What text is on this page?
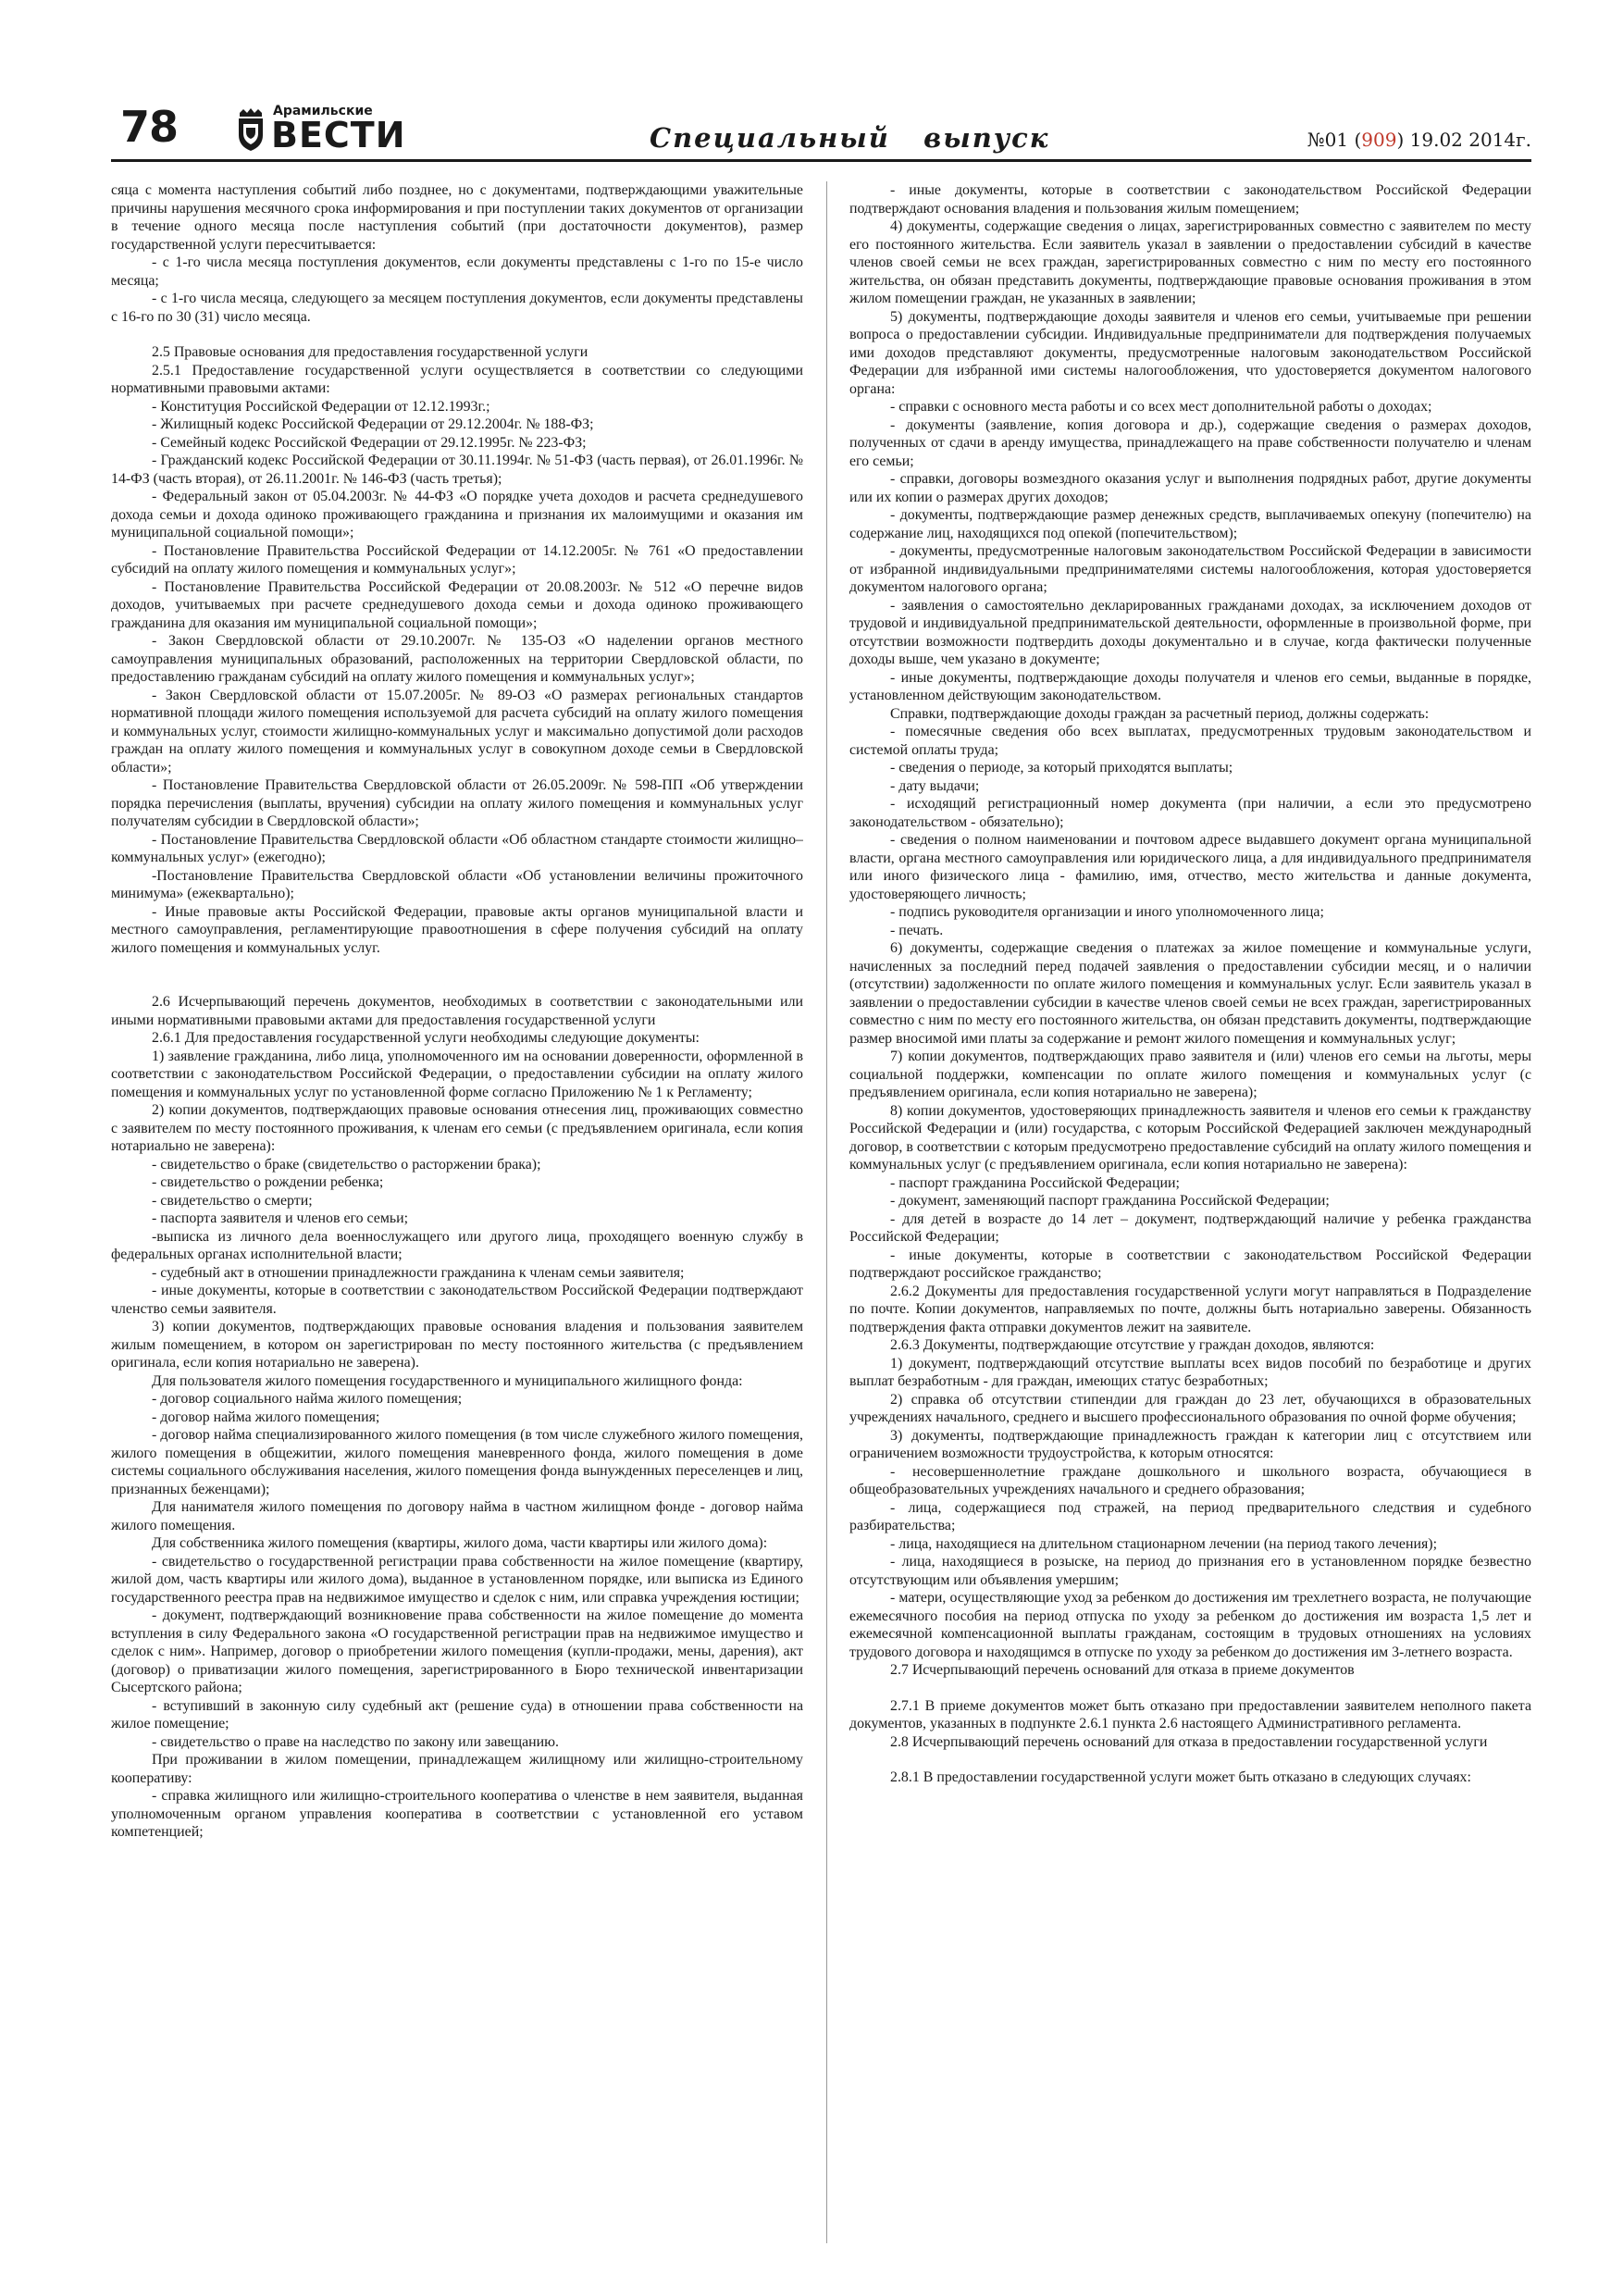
78	Арамильские
ВЕСТИ	Специальный   выпуск	№01 (909) 19.02 2014г.

сяца с момента наступления событий либо позднее, но с документами, подтверждающими уважительные причины нарушения месячного срока информирования и при поступлении таких документов от организации в течение одного месяца после наступления событий (при достаточности документов), размер государственной услуги пересчитывается:

- с 1-го числа месяца поступления документов, если документы представлены с 1-го по 15-е число месяца;

- с 1-го числа месяца, следующего за месяцем поступления документов, если документы представлены с 16-го по 30 (31) число месяца.

2.5 Правовые основания для предоставления государственной услуги

2.5.1 Предоставление государственной услуги осуществляется в соответствии со следующими нормативными правовыми актами:

- Конституция Российской Федерации от 12.12.1993г.;

- Жилищный кодекс Российской Федерации от 29.12.2004г. № 188-ФЗ;

- Семейный кодекс Российской Федерации от 29.12.1995г. № 223-ФЗ;

- Гражданский кодекс Российской Федерации от 30.11.1994г. № 51-ФЗ (часть первая), от 26.01.1996г. № 14-ФЗ (часть вторая), от 26.11.2001г. № 146-ФЗ (часть третья);

- Федеральный закон от 05.04.2003г. № 44-ФЗ «О порядке учета доходов и расчета среднедушевого дохода семьи и дохода одиноко проживающего гражданина и признания их малоимущими и оказания им муниципальной социальной помощи»;

- Постановление Правительства Российской Федерации от 14.12.2005г. № 761 «О предоставлении субсидий на оплату жилого помещения и коммунальных услуг»;

- Постановление Правительства Российской Федерации от 20.08.2003г. № 512 «О перечне видов доходов, учитываемых при расчете среднедушевого дохода семьи и дохода одиноко проживающего гражданина для оказания им муниципальной социальной помощи»;

- Закон Свердловской области от 29.10.2007г. № 135-ОЗ «О наделении органов местного самоуправления муниципальных образований, расположенных на территории Свердловской области, по предоставлению гражданам субсидий на оплату жилого помещения и коммунальных услуг»;

- Закон Свердловской области от 15.07.2005г. № 89-ОЗ «О размерах региональных стандартов нормативной площади жилого помещения используемой для расчета субсидий на оплату жилого помещения и коммунальных услуг, стоимости жилищно-коммунальных услуг и максимально допустимой доли расходов граждан на оплату жилого помещения и коммунальных услуг в совокупном доходе семьи в Свердловской области»;

- Постановление Правительства Свердловской области от 26.05.2009г. № 598-ПП «Об утверждении порядка перечисления (выплаты, вручения) субсидии на оплату жилого помещения и коммунальных услуг получателям субсидии в Свердловской области»;

- Постановление Правительства Свердловской области «Об областном стандарте стоимости жилищно–коммунальных услуг» (ежегодно);

-Постановление Правительства Свердловской области «Об установлении величины прожиточного минимума» (ежеквартально);

- Иные правовые акты Российской Федерации, правовые акты органов муниципальной власти и местного самоуправления, регламентирующие правоотношения в сфере получения субсидий на оплату жилого помещения и коммунальных услуг.

2.6 Исчерпывающий перечень документов, необходимых в соответствии с законодательными или иными нормативными правовыми актами для предоставления государственной услуги

2.6.1 Для предоставления государственной услуги необходимы следующие документы:

1) заявление гражданина, либо лица, уполномоченного им на основании доверенности, оформленной в соответствии с законодательством Российской Федерации, о предоставлении субсидии на оплату жилого помещения и коммунальных услуг по установленной форме согласно Приложению № 1 к Регламенту;

2) копии документов, подтверждающих правовые основания отнесения лиц, проживающих совместно с заявителем по месту постоянного проживания, к членам его семьи (с предъявлением оригинала, если копия нотариально не заверена):

- свидетельство о браке (свидетельство о расторжении брака);

- свидетельство о рождении ребенка;

- свидетельство о смерти;

- паспорта заявителя и членов его семьи;

-выписка из личного дела военнослужащего или другого лица, проходящего военную службу в федеральных органах исполнительной власти;

- судебный акт в отношении принадлежности гражданина к членам семьи заявителя;

- иные документы, которые в соответствии с законодательством Российской Федерации подтверждают членство семьи заявителя.

3) копии документов, подтверждающих правовые основания владения и пользования заявителем жилым помещением, в котором он зарегистрирован по месту постоянного жительства (с предъявлением оригинала, если копия нотариально не заверена).

Для пользователя жилого помещения государственного и муниципального жилищного фонда:

- договор социального найма жилого помещения;

- договор найма жилого помещения;

- договор найма специализированного жилого помещения (в том числе служебного жилого помещения, жилого помещения в общежитии, жилого помещения маневренного фонда, жилого помещения в доме системы социального обслуживания населения, жилого помещения фонда вынужденных переселенцев и лиц, признанных беженцами);

Для нанимателя жилого помещения по договору найма в частном жилищном фонде - договор найма жилого помещения.

Для собственника жилого помещения (квартиры, жилого дома, части квартиры или жилого дома):

- свидетельство о государственной регистрации права собственности на жилое помещение (квартиру, жилой дом, часть квартиры или жилого дома), выданное в установленном порядке, или выписка из Единого государственного реестра прав на недвижимое имущество и сделок с ним, или справка учреждения юстиции;

- документ, подтверждающий возникновение права собственности на жилое помещение до момента вступления в силу Федерального закона «О государственной регистрации прав на недвижимое имущество и сделок с ним». Например, договор о приобретении жилого помещения (купли-продажи, мены, дарения), акт (договор) о приватизации жилого помещения, зарегистрированного в Бюро технической инвентаризации Сысертского района;

- вступивший в законную силу судебный акт (решение суда) в отношении права собственности на жилое помещение;

- свидетельство о праве на наследство по закону или завещанию.

При проживании в жилом помещении, принадлежащем жилищному или жилищно-строительному кооперативу:

- справка жилищного или жилищно-строительного кооператива о членстве в нем заявителя, выданная уполномоченным органом управления кооператива в соответствии с установленной его уставом компетенцией;

- иные документы, которые в соответствии с законодательством Российской Федерации подтверждают основания владения и пользования жилым помещением;

4) документы, содержащие сведения о лицах, зарегистрированных совместно с заявителем по месту его постоянного жительства. Если заявитель указал в заявлении о предоставлении субсидий в качестве членов своей семьи не всех граждан, зарегистрированных совместно с ним по месту его постоянного жительства, он обязан представить документы, подтверждающие правовые основания проживания в этом жилом помещении граждан, не указанных в заявлении;

5) документы, подтверждающие доходы заявителя и членов его семьи, учитываемые при решении вопроса о предоставлении субсидии. Индивидуальные предприниматели для подтверждения получаемых ими доходов представляют документы, предусмотренные налоговым законодательством Российской Федерации для избранной ими системы налогообложения, что удостоверяется документом налогового органа:

- справки с основного места работы и со всех мест дополнительной работы о доходах;

- документы (заявление, копия договора и др.), содержащие сведения о размерах доходов, полученных от сдачи в аренду имущества, принадлежащего на праве собственности получателю и членам его семьи;

- справки, договоры возмездного оказания услуг и выполнения подрядных работ, другие документы или их копии о размерах других доходов;

- документы, подтверждающие размер денежных средств, выплачиваемых опекуну (попечителю) на содержание лиц, находящихся под опекой (попечительством);

- документы, предусмотренные налоговым законодательством Российской Федерации в зависимости от избранной индивидуальными предпринимателями системы налогообложения, которая удостоверяется документом налогового органа;

- заявления о самостоятельно декларированных гражданами доходах, за исключением доходов от трудовой и индивидуальной предпринимательской деятельности, оформленные в произвольной форме, при отсутствии возможности подтвердить доходы документально и в случае, когда фактически полученные доходы выше, чем указано в документе;

- иные документы, подтверждающие доходы получателя и членов его семьи, выданные в порядке, установленном действующим законодательством.

Справки, подтверждающие доходы граждан за расчетный период, должны содержать:

- помесячные сведения обо всех выплатах, предусмотренных трудовым законодательством и системой оплаты труда;

- сведения о периоде, за который приходятся выплаты;

- дату выдачи;

- исходящий регистрационный номер документа (при наличии, а если это предусмотрено законодательством - обязательно);

- сведения о полном наименовании и почтовом адресе выдавшего документ органа муниципальной власти, органа местного самоуправления или юридического лица, а для индивидуального предпринимателя или иного физического лица - фамилию, имя, отчество, место жительства и данные документа, удостоверяющего личность;

- подпись руководителя организации и иного уполномоченного лица;

- печать.

6) документы, содержащие сведения о платежах за жилое помещение и коммунальные услуги, начисленных за последний перед подачей заявления о предоставлении субсидии месяц, и о наличии (отсутствии) задолженности по оплате жилого помещения и коммунальных услуг. Если заявитель указал в заявлении о предоставлении субсидии в качестве членов своей семьи не всех граждан, зарегистрированных совместно с ним по месту его постоянного жительства, он обязан представить документы, подтверждающие размер вносимой ими платы за содержание и ремонт жилого помещения и коммунальных услуг;

7) копии документов, подтверждающих право заявителя и (или) членов его семьи на льготы, меры социальной поддержки, компенсации по оплате жилого помещения и коммунальных услуг (с предъявлением оригинала, если копия нотариально не заверена);

8) копии документов, удостоверяющих принадлежность заявителя и членов его семьи к гражданству Российской Федерации и (или) государства, с которым Российской Федерацией заключен международный договор, в соответствии с которым предусмотрено предоставление субсидий на оплату жилого помещения и коммунальных услуг (с предъявлением оригинала, если копия нотариально не заверена):

- паспорт гражданина Российской Федерации;

- документ, заменяющий паспорт гражданина Российской Федерации;

- для детей в возрасте до 14 лет – документ, подтверждающий наличие у ребенка гражданства Российской Федерации;

- иные документы, которые в соответствии с законодательством Российской Федерации подтверждают российское гражданство;

2.6.2 Документы для предоставления государственной услуги могут направляться в Подразделение по почте. Копии документов, направляемых по почте, должны быть нотариально заверены. Обязанность подтверждения факта отправки документов лежит на заявителе.

2.6.3 Документы, подтверждающие отсутствие у граждан доходов, являются:

1) документ, подтверждающий отсутствие выплаты всех видов пособий по безработице и других выплат безработным - для граждан, имеющих статус безработных;

2) справка об отсутствии стипендии для граждан до 23 лет, обучающихся в образовательных учреждениях начального, среднего и высшего профессионального образования по очной форме обучения;

3) документы, подтверждающие принадлежность граждан к категории лиц с отсутствием или ограничением возможности трудоустройства, к которым относятся:

- несовершеннолетние граждане дошкольного и школьного возраста, обучающиеся в общеобразовательных учреждениях начального и среднего образования;

- лица, содержащиеся под стражей, на период предварительного следствия и судебного разбирательства;

- лица, находящиеся на длительном стационарном лечении (на период такого лечения);

- лица, находящиеся в розыске, на период до признания его в установленном порядке безвестно отсутствующим или объявления умершим;

- матери, осуществляющие уход за ребенком до достижения им трехлетнего возраста, не получающие ежемесячного пособия на период отпуска по уходу за ребенком до достижения им возраста 1,5 лет и ежемесячной компенсационной выплаты гражданам, состоящим в трудовых отношениях на условиях трудового договора и находящимся в отпуске по уходу за ребенком до достижения им 3-летнего возраста.

2.7 Исчерпывающий перечень оснований для отказа в приеме документов

2.7.1 В приеме документов может быть отказано при предоставлении заявителем неполного пакета документов, указанных в подпункте 2.6.1 пункта 2.6 настоящего Административного регламента.

2.8 Исчерпывающий перечень оснований для отказа в предоставлении государственной услуги

2.8.1 В предоставлении государственной услуги может быть отказано в следующих случаях:
